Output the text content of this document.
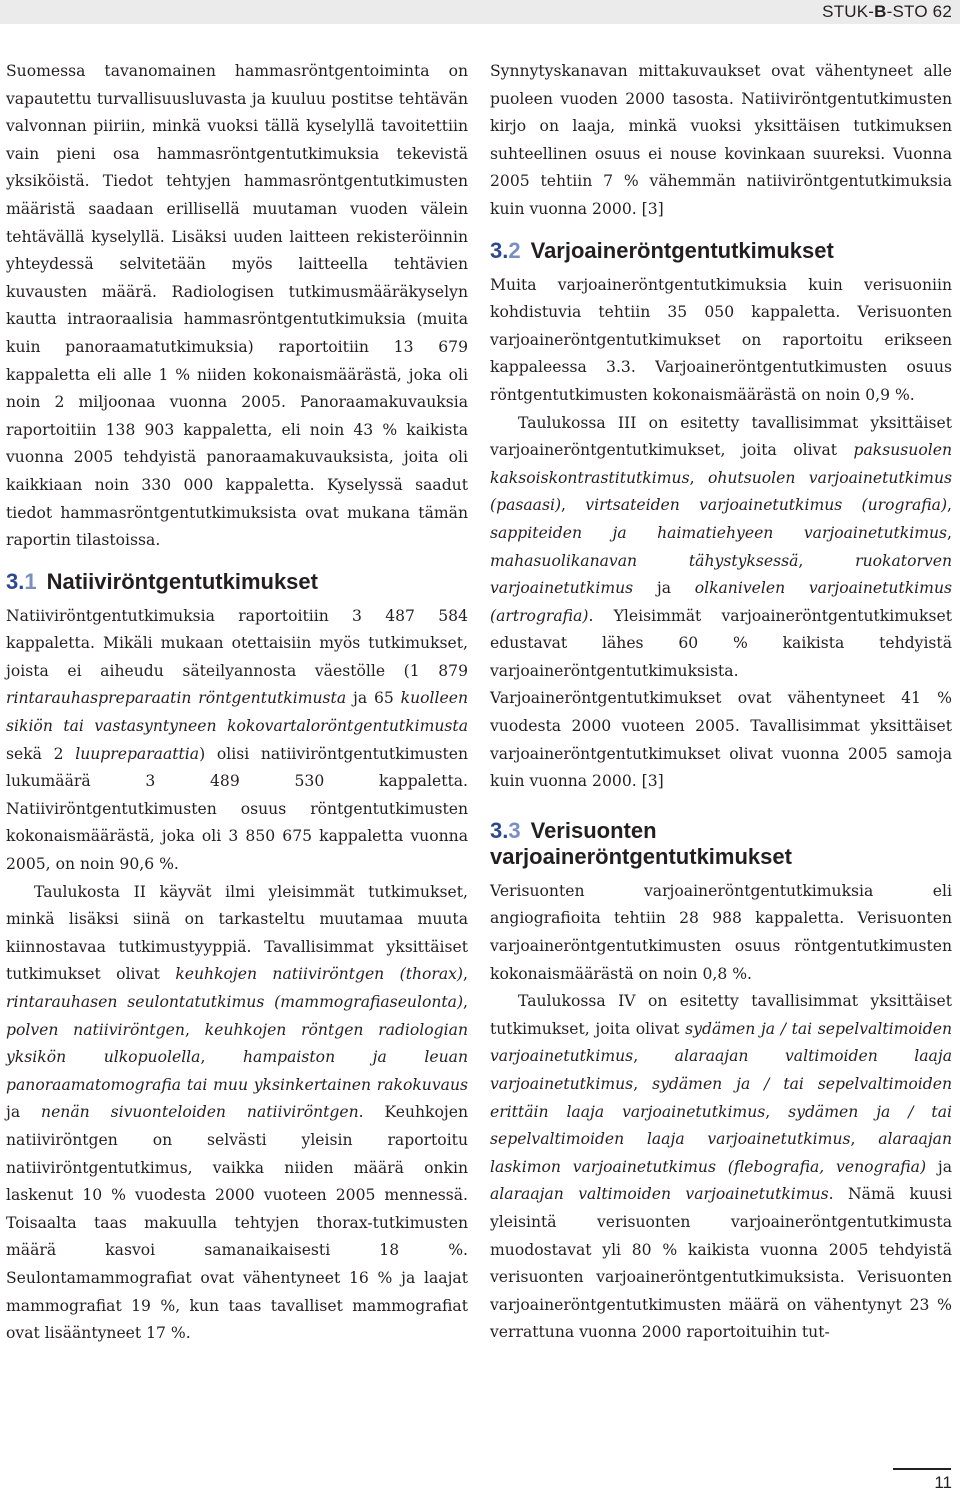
STUK-B-STO 62

Suomessa tavanomainen hammasröntgentoiminta on vapautettu turvallisuusluvasta ja kuuluu postitse tehtävän valvonnan piiriin, minkä vuoksi tällä kyselyllä tavoitettiin vain pieni osa hammasröntgentutkimuksia tekevistä yksiköistä. Tiedot tehtyjen hammasröntgentutkimusten määristä saadaan erillisellä muutaman vuoden välein tehtävällä kyselyllä. Lisäksi uuden laitteen rekisteröinnin yhteydessä selvitetään myös laitteella tehtävien kuvausten määrä. Radiologisen tutkimusmääräkyselyn kautta intraoraalisia hammasröntgentutkimuksia (muita kuin panoraamatutkimuksia) raportoitiin 13 679 kappaletta eli alle 1 % niiden kokonaismäärästä, joka oli noin 2 miljoonaa vuonna 2005. Panoraamakuvauksia raportoitiin 138 903 kappaletta, eli noin 43 % kaikista vuonna 2005 tehdyistä panoraamakuvauksista, joita oli kaikkiaan noin 330 000 kappaletta. Kyselyssä saadut tiedot hammasröntgentutkimuksista ovat mukana tämän raportin tilastoissa.

3.1 Natiiviröntgentutkimukset

Natiiviröntgentutkimuksia raportoitiin 3 487 584 kappaletta. Mikäli mukaan otettaisiin myös tutkimukset, joista ei aiheudu säteilyannosta väestölle (1 879 rintarauhaspreparaatin röntgentutkimusta ja 65 kuolleen sikiön tai vastasyntyneen kokovartaloröntgentutkimusta sekä 2 luupreparaattia) olisi natiiviröntgentutkimusten lukumäärä 3 489 530 kappaletta. Natiiviröntgentutkimusten osuus röntgentutkimusten kokonaismäärästä, joka oli 3 850 675 kappaletta vuonna 2005, on noin 90,6 %.

Taulukosta II käyvät ilmi yleisimmät tutkimukset, minkä lisäksi siinä on tarkasteltu muutamaa muuta kiinnostavaa tutkimustyyppiä. Tavallisimmat yksittäiset tutkimukset olivat keuhkojen natiiviröntgen (thorax), rintarauhasen seulontatutkimus (mammografiaseulonta), polven natiiviröntgen, keuhkojen röntgen radiologian yksikön ulkopuolella, hampaiston ja leuan panoraamatomografia tai muu yksinkertainen rakokuvaus ja nenän sivuonteloiden natiiviröntgen. Keuhkojen natiiviröntgen on selvästi yleisin raportoitu natiiviröntgentutkimus, vaikka niiden määrä onkin laskenut 10 % vuodesta 2000 vuoteen 2005 mennessä. Toisaalta taas makuulla tehtyjen thorax-tutkimusten määrä kasvoi samanaikaisesti 18 %. Seulontamammografiat ovat vähentyneet 16 % ja laajat mammografiat 19 %, kun taas tavalliset mammografiat ovat lisääntyneet 17 %.

Synnytyskanavan mittakuvaukset ovat vähentyneet alle puoleen vuoden 2000 tasosta. Natiiviröntgentutkimusten kirjo on laaja, minkä vuoksi yksittäisen tutkimuksen suhteellinen osuus ei nouse kovinkaan suureksi. Vuonna 2005 tehtiin 7 % vähemmän natiiviröntgentutkimuksia kuin vuonna 2000. [3]

3.2 Varjoaineröntgentutkimukset

Muita varjoaineröntgentutkimuksia kuin verisuoniin kohdistuvia tehtiin 35 050 kappaletta. Verisuonten varjoaineröntgentutkimukset on raportoitu erikseen kappaleessa 3.3. Varjoaineröntgentutkimusten osuus röntgentutkimusten kokonaismäärästä on noin 0,9 %.

Taulukossa III on esitetty tavallisimmat yksittäiset varjoaineröntgentutkimukset, joita olivat paksusuolen kaksoiskontrastitutkimus, ohutsuolen varjoainetutkimus (pasaasi), virtsateiden varjoainetutkimus (urografia), sappiteiden ja haimatiehyeen varjoainetutkimus, mahasuolikanavan tähystyksessä, ruokatorven varjoainetutkimus ja olkanivelen varjoainetutkimus (artrografia). Yleisimmät varjoaineröntgentutkimukset edustavat lähes 60 % kaikista tehdyistä varjoaineröntgentutkimuksista. Varjoaineröntgentutkimukset ovat vähentyneet 41 % vuodesta 2000 vuoteen 2005. Tavallisimmat yksittäiset varjoaineröntgentutkimukset olivat vuonna 2005 samoja kuin vuonna 2000. [3]

3.3 Verisuonten varjoaineröntgentutkimukset

Verisuonten varjoaineröntgentutkimuksia eli angiografioita tehtiin 28 988 kappaletta. Verisuonten varjoaineröntgentutkimusten osuus röntgentutkimusten kokonaismäärästä on noin 0,8 %.

Taulukossa IV on esitetty tavallisimmat yksittäiset tutkimukset, joita olivat sydämen ja / tai sepelvaltimoiden varjoainetutkimus, alaraajan valtimoiden laaja varjoainetutkimus, sydämen ja / tai sepelvaltimoiden erittäin laaja varjoainetutkimus, sydämen ja / tai sepelvaltimoiden laaja varjoainetutkimus, alaraajan laskimon varjoainetutkimus (flebografia, venografia) ja alaraajan valtimoiden varjoainetutkimus. Nämä kuusi yleisintä verisuonten varjoaineröntgentutkimusta muodostavat yli 80 % kaikista vuonna 2005 tehdyistä verisuonten varjoaineröntgentutkimuksista. Verisuonten varjoaineröntgentutkimusten määrä on vähentynyt 23 % verrattuna vuonna 2000 raportoituihin tut-

11
